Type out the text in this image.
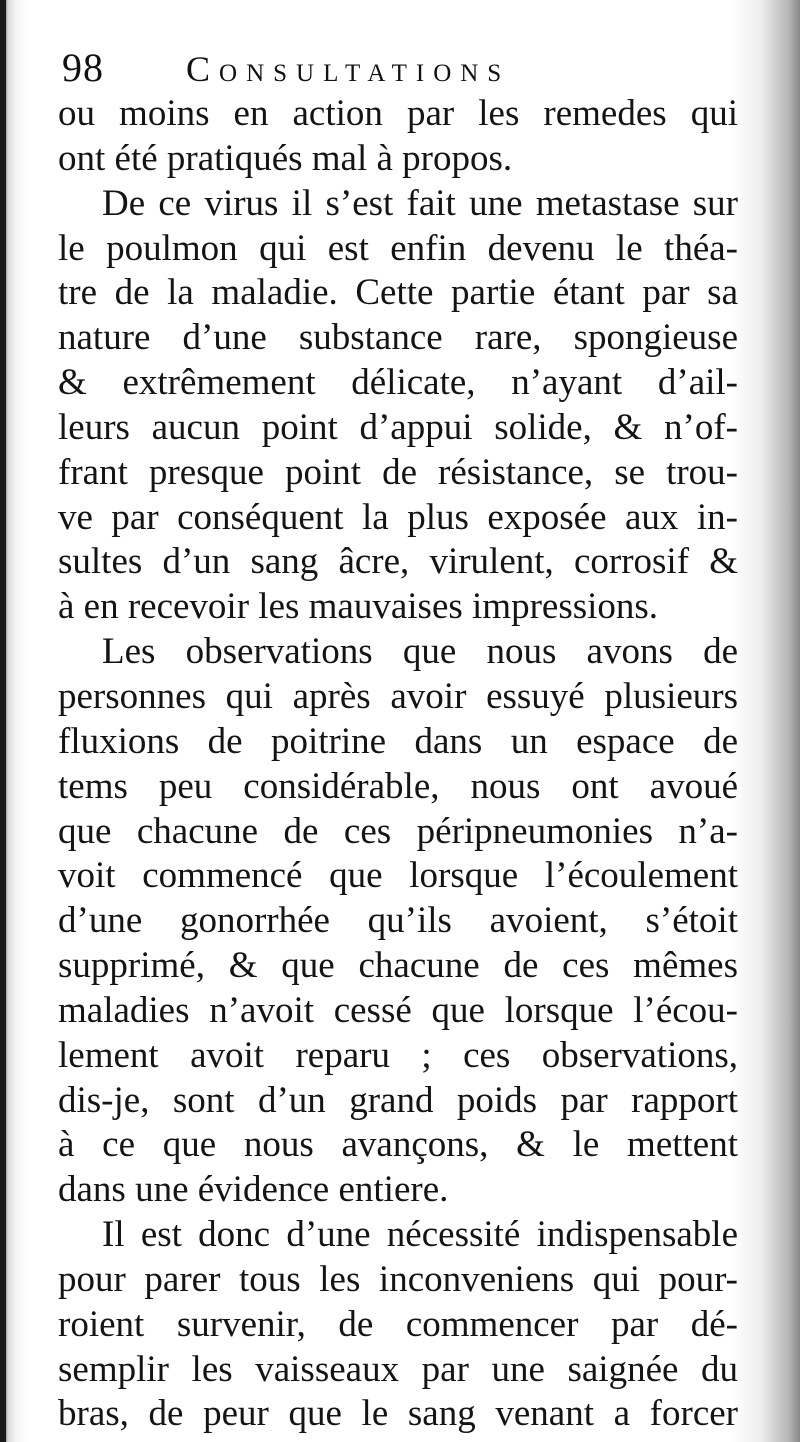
98 Consultations
ou moins en action par les remedes qui
ont été pratiqués mal à propos.
De ce virus il s’est fait une metastase sur
le poulmon qui est enfin devenu le théa-
tre de la maladie. Cette partie étant par sa
nature d’une substance rare, spongieuse
& extrêmement délicate, n’ayant d’ail-
leurs aucun point d’appui solide, & n’of-
frant presque point de résistance, se trou-
ve par conséquent la plus exposée aux in-
sultes d’un sang âcre, virulent, corrosif &
à en recevoir les mauvaises impressions.
Les observations que nous avons de
personnes qui après avoir essuyé plusieurs
fluxions de poitrine dans un espace de
tems peu considérable, nous ont avoué
que chacune de ces péripneumonies n’a-
voit commencé que lorsque l’écoulement
d’une gonorrhée qu’ils avoient, s’étoit
supprimé, & que chacune de ces mêmes
maladies n’avoit cessé que lorsque l’écou-
lement avoit reparu ; ces observations,
dis-je, sont d’un grand poids par rapport
à ce que nous avançons, & le mettent
dans une évidence entiere.
Il est donc d’une nécessité indispensable
pour parer tous les inconveniens qui pour-
roient survenir, de commencer par dé-
semplir les vaisseaux par une saignée du
bras, de peur que le sang venant a forcer
